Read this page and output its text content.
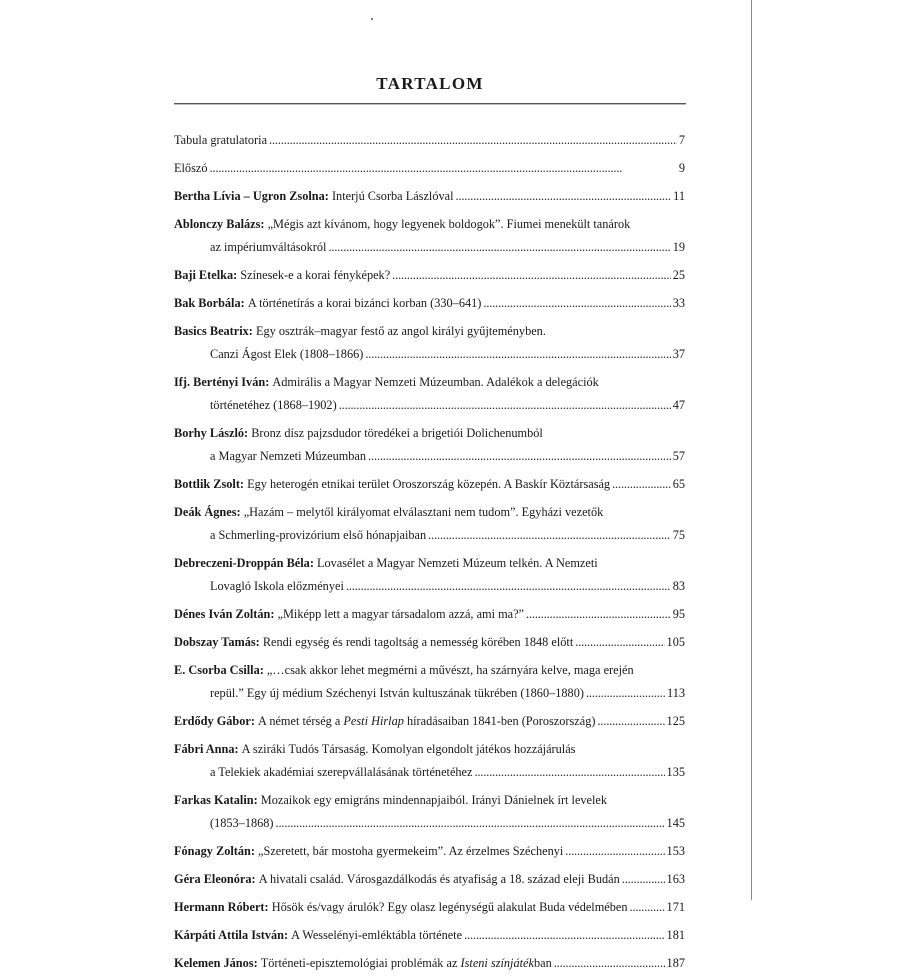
TARTALOM
Tabula gratulatoria . . .	7
Előszó . . .	9
Bertha Lívia – Ugron Zsolna:
Interjú Csorba Lászlóval . . .	11
Ablonczy Balázs:
„Mégis azt kívánom, hogy legyenek boldogok”. Fiumei menekült tanárok
az impériumváltásokról . . .	19
Baji Etelka:
Színesek-e a korai fényképek? . . .	25
Bak Borbála:
A történetírás a korai bizánci korban (330–641) . . .	33
Basics Beatrix:
Egy osztrák–magyar festő az angol királyi gyűjteményben.
Canzi Ágost Elek (1808–1866) . . .	37
Ifj. Bertényi Iván:
Admirális a Magyar Nemzeti Múzeumban. Adalékok a delegációk
történetéhez (1868–1902) . . .	47
Borhy László:
Bronz dísz pajzsdudor töredékei a brigetiói Dolichenumból
a Magyar Nemzeti Múzeumban . . .	57
Bottlik Zsolt:
Egy heterogén etnikai terület Oroszország közepén. A Baskír Köztársaság . . .	65
Deák Ágnes:
„Hazám – melytől királyomat elválasztani nem tudom”. Egyházi vezetők
a Schmerling-provizórium első hónapjaiban . . .	75
Debreczeni-Droppán Béla:
Lovasélet a Magyar Nemzeti Múzeum telkén. A Nemzeti
Lovagló Iskola előzményei . . .	83
Dénes Iván Zoltán:
„Miképp lett a magyar társadalom azzá, ami ma?” . . .	95
Dobszay Tamás:
Rendi egység és rendi tagoltság a nemesség körében 1848 előtt . . .	105
E. Csorba Csilla:
„…csak akkor lehet megmérni a művészt, ha szárnyára kelve, maga erején
repül.” Egy új médium Széchenyi István kultuszának tükrében (1860–1880) . . .	113
Erdődy Gábor:
A német térség a
Pesti Hirlap
híradásaiban 1841-ben (Poroszország) . . .	125
Fábri Anna:
A sziráki Tudós Társaság. Komolyan elgondolt játékos hozzájárulás
a Telekiek akadémiai szerepvállalásának történetéhez . . .	135
Farkas Katalin:
Mozaikok egy emigráns mindennapjaiból. Irányi Dánielnek írt levelek
(1853–1868) . . .	145
Fónagy Zoltán:
„Szeretett, bár mostoha gyermekeim”. Az érzelmes Széchenyi . . .	153
Géra Eleonóra:
A hivatali család. Városgazdálkodás és atyafiság a 18. század eleji Budán . . .	163
Hermann Róbert:
Hősök és/vagy árulók? Egy olasz legénységű alakulat Buda védelmében . . .	171
Kárpáti Attila István:
A Wesselényi-emléktábla története . . .	181
Kelemen János:
Történeti-episztemológiai problémák az
Isteni színjáték ban . . .	187
